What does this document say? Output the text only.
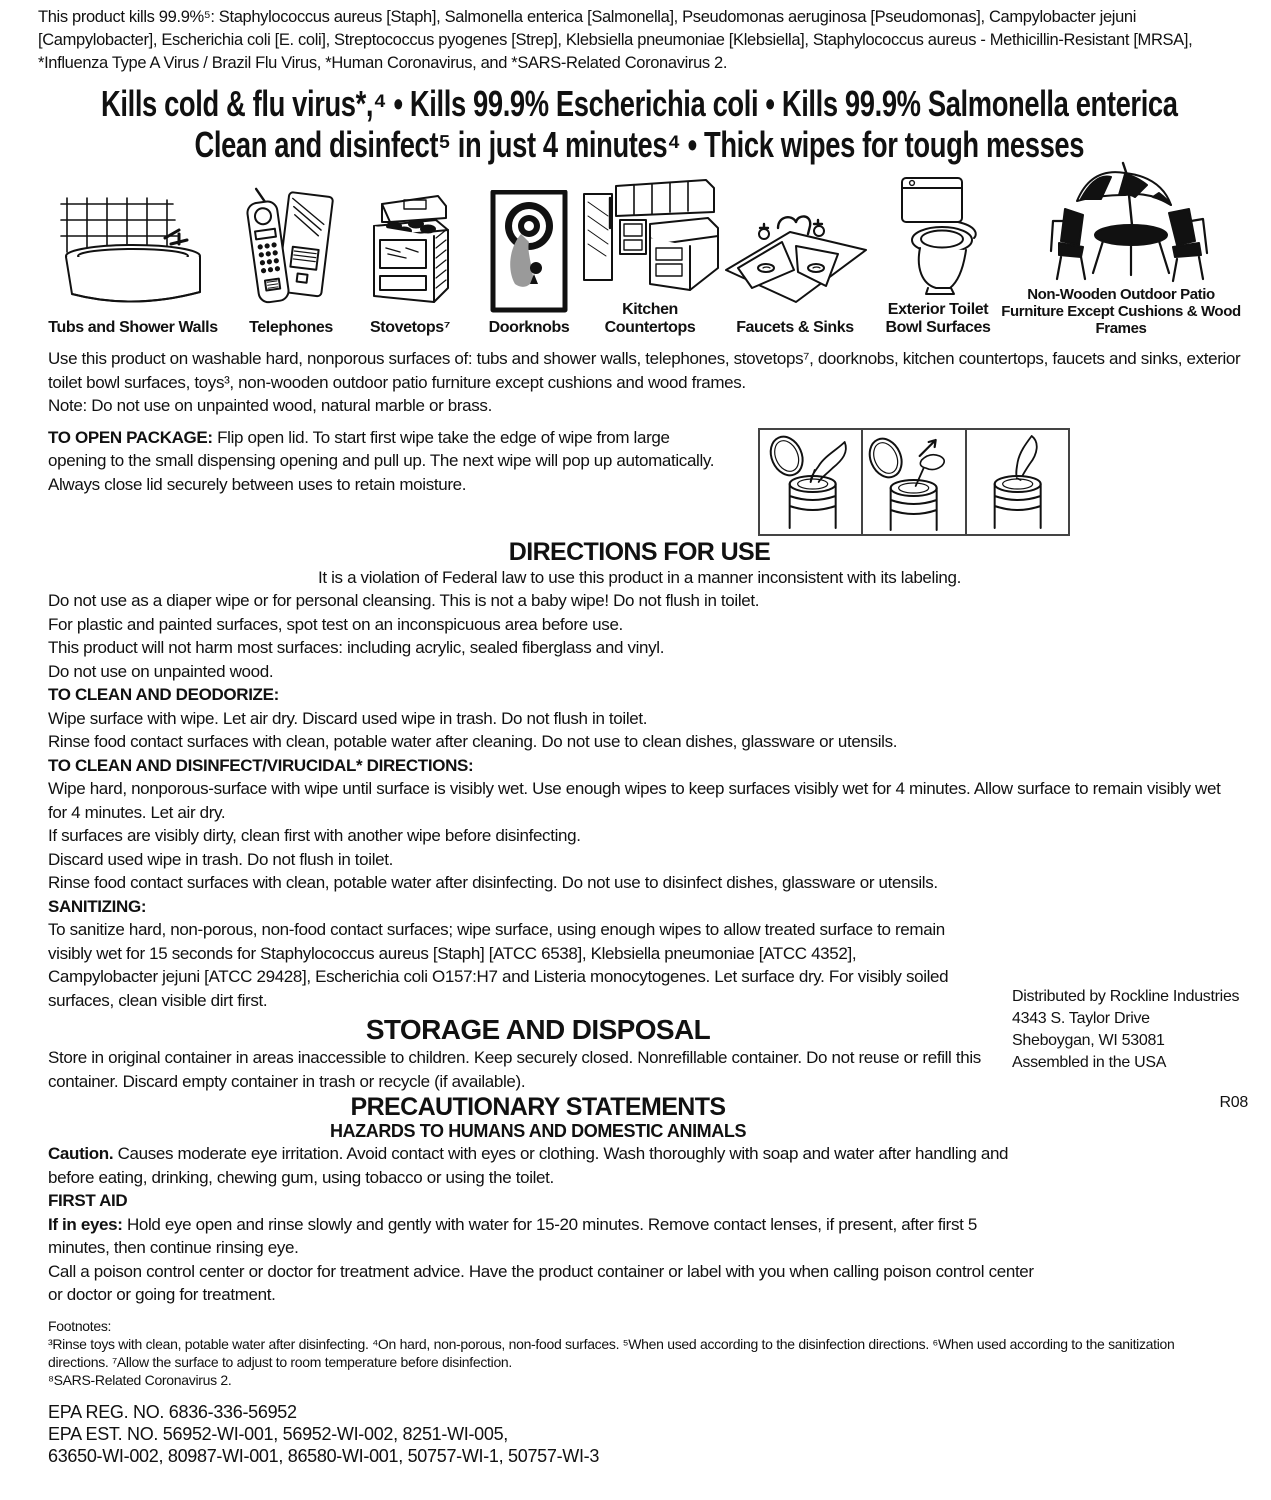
This product kills 99.9%⁵: Staphylococcus aureus [Staph], Salmonella enterica [Salmonella], Pseudomonas aeruginosa [Pseudomonas], Campylobacter jejuni [Campylobacter], Escherichia coli [E. coli], Streptococcus pyogenes [Strep], Klebsiella pneumoniae [Klebsiella], Staphylococcus aureus - Methicillin-Resistant [MRSA], *Influenza Type A Virus / Brazil Flu Virus, *Human Coronavirus, and *SARS-Related Coronavirus 2.

Kills cold & flu virus*,⁴ • Kills 99.9% Escherichia coli • Kills 99.9% Salmonella enterica
Clean and disinfect⁵ in just 4 minutes⁴ • Thick wipes for tough messes
Tubs and Shower Walls Telephones Stovetops⁷ Doorknobs
Kitchen Countertops	Faucets & Sinks
Exterior Toilet Bowl Surfaces
Non-Wooden Outdoor Patio Furniture Except Cushions & Wood Frames

Use this product on washable hard, nonporous surfaces of: tubs and shower walls, telephones, stovetops⁷, doorknobs, kitchen countertops, faucets and sinks, exterior toilet bowl surfaces, toys³, non-wooden outdoor patio furniture except cushions and wood frames.

Note: Do not use on unpainted wood, natural marble or brass.

TO OPEN PACKAGE: Flip open lid. To start first wipe take the edge of wipe from large opening to the small dispensing opening and pull up. The next wipe will pop up automatically. Always close lid securely between uses to retain moisture.

DIRECTIONS FOR USE

It is a violation of Federal law to use this product in a manner inconsistent with its labeling.

Do not use as a diaper wipe or for personal cleansing. This is not a baby wipe! Do not flush in toilet.

For plastic and painted surfaces, spot test on an inconspicuous area before use.

This product will not harm most surfaces: including acrylic, sealed fiberglass and vinyl.

Do not use on unpainted wood.

TO CLEAN AND DEODORIZE:

Wipe surface with wipe. Let air dry. Discard used wipe in trash. Do not flush in toilet.

Rinse food contact surfaces with clean, potable water after cleaning. Do not use to clean dishes, glassware or utensils.

TO CLEAN AND DISINFECT/VIRUCIDAL* DIRECTIONS:

Wipe hard, nonporous-surface with wipe until surface is visibly wet. Use enough wipes to keep surfaces visibly wet for 4 minutes. Allow surface to remain visibly wet for 4 minutes. Let air dry.

If surfaces are visibly dirty, clean first with another wipe before disinfecting.

Discard used wipe in trash. Do not flush in toilet.

Rinse food contact surfaces with clean, potable water after disinfecting. Do not use to disinfect dishes, glassware or utensils.

SANITIZING:

To sanitize hard, non-porous, non-food contact surfaces; wipe surface, using enough wipes to allow treated surface to remain visibly wet for 15 seconds for Staphylococcus aureus [Staph] [ATCC 6538], Klebsiella pneumoniae [ATCC 4352], Campylobacter jejuni [ATCC 29428], Escherichia coli O157:H7 and Listeria monocytogenes. Let surface dry. For visibly soiled surfaces, clean visible dirt first.

STORAGE AND DISPOSAL

Store in original container in areas inaccessible to children. Keep securely closed. Nonrefillable container. Do not reuse or refill this container. Discard empty container in trash or recycle (if available).

PRECAUTIONARY STATEMENTS
HAZARDS TO HUMANS AND DOMESTIC ANIMALS

Caution. Causes moderate eye irritation. Avoid contact with eyes or clothing. Wash thoroughly with soap and water after handling and before eating, drinking, chewing gum, using tobacco or using the toilet.

FIRST AID

If in eyes: Hold eye open and rinse slowly and gently with water for 15-20 minutes. Remove contact lenses, if present, after first 5 minutes, then continue rinsing eye.

Call a poison control center or doctor for treatment advice. Have the product container or label with you when calling poison control center or doctor or going for treatment.

Distributed by Rockline Industries
4343 S. Taylor Drive
Sheboygan, WI 53081
Assembled in the USA
R08
Footnotes:
³Rinse toys with clean, potable water after disinfecting. ⁴On hard, non-porous, non-food surfaces. ⁵When used according to the disinfection directions. ⁶When used according to the sanitization directions. ⁷Allow the surface to adjust to room temperature before disinfection.
⁸SARS-Related Coronavirus 2.
EPA REG. NO. 6836-336-56952
EPA EST. NO. 56952-WI-001, 56952-WI-002, 8251-WI-005,
63650-WI-002, 80987-WI-001, 86580-WI-001, 50757-WI-1, 50757-WI-3
